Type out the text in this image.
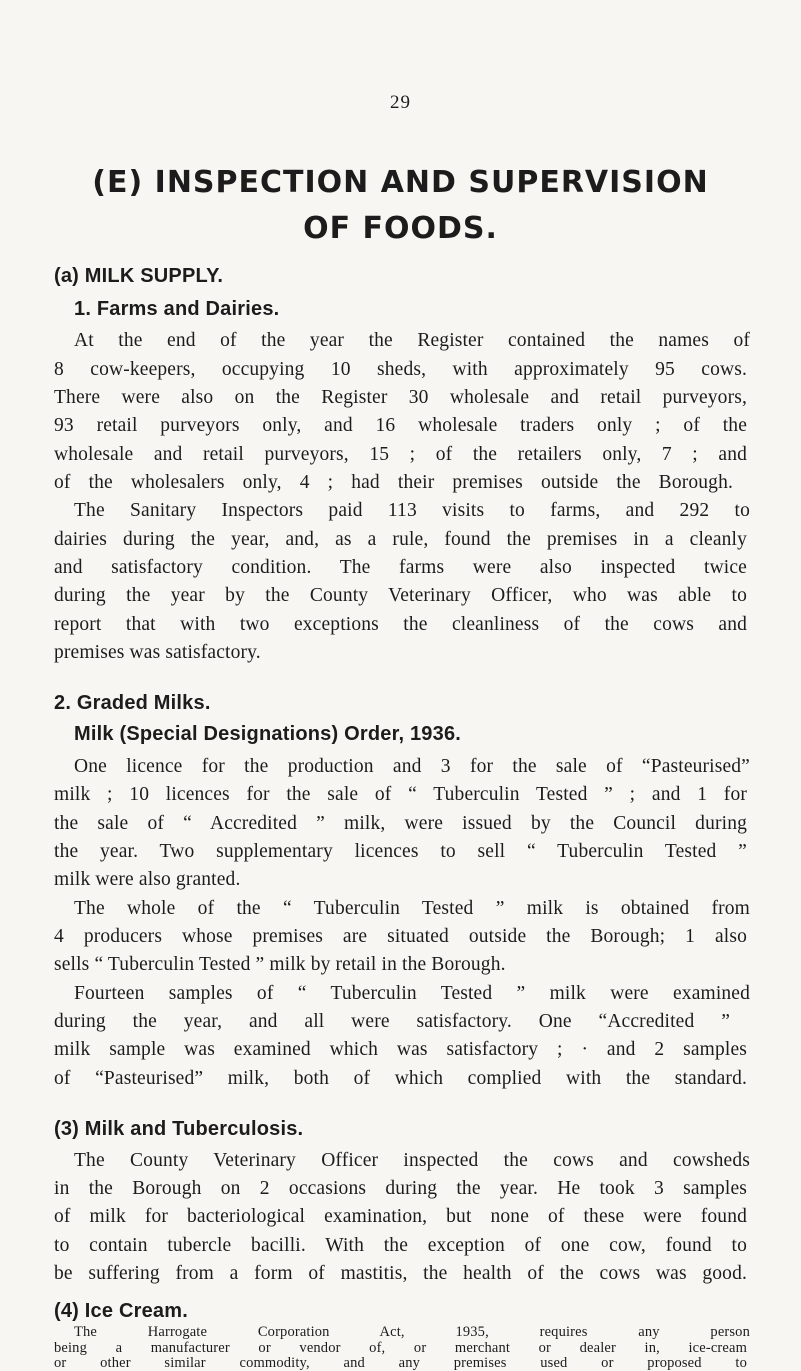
29
(E) INSPECTION AND SUPERVISION
OF FOODS.
(a) MILK SUPPLY.
1. Farms and Dairies.
At the end of the year the Register contained the names of
8 cow-keepers, occupying 10 sheds, with approximately 95 cows.
There were also on the Register 30 wholesale and retail purveyors,
93 retail purveyors only, and 16 wholesale traders only ; of the
wholesale and retail purveyors, 15 ; of the retailers only, 7 ; and
of the wholesalers only, 4 ; had their premises outside the Borough.
The Sanitary Inspectors paid 113 visits to farms, and 292 to
dairies during the year, and, as a rule, found the premises in a cleanly
and satisfactory condition. The farms were also inspected twice
during the year by the County Veterinary Officer, who was able to
report that with two exceptions the cleanliness of the cows and
premises was satisfactory.
2. Graded Milks.
Milk (Special Designations) Order, 1936.
One licence for the production and 3 for the sale of “Pasteurised”
milk ; 10 licences for the sale of “ Tuberculin Tested ” ; and 1 for
the sale of “ Accredited ” milk, were issued by the Council during
the year. Two supplementary licences to sell “ Tuberculin Tested ”
milk were also granted.
The whole of the “ Tuberculin Tested ” milk is obtained from
4 producers whose premises are situated outside the Borough; 1 also
sells “ Tuberculin Tested ” milk by retail in the Borough.
Fourteen samples of “ Tuberculin Tested ” milk were examined
during the year, and all were satisfactory. One “Accredited ”
milk sample was examined which was satisfactory ; · and 2 samples
of “Pasteurised” milk, both of which complied with the standard.
(3) Milk and Tuberculosis.
The County Veterinary Officer inspected the cows and cowsheds
in the Borough on 2 occasions during the year. He took 3 samples
of milk for bacteriological examination, but none of these were found
to contain tubercle bacilli. With the exception of one cow, found to
be suffering from a form of mastitis, the health of the cows was good.
(4) Ice Cream.
The Harrogate Corporation Act, 1935, requires any person
being a manufacturer or vendor of, or merchant or dealer in, ice-cream
or other similar commodity, and any premises used or proposed to
